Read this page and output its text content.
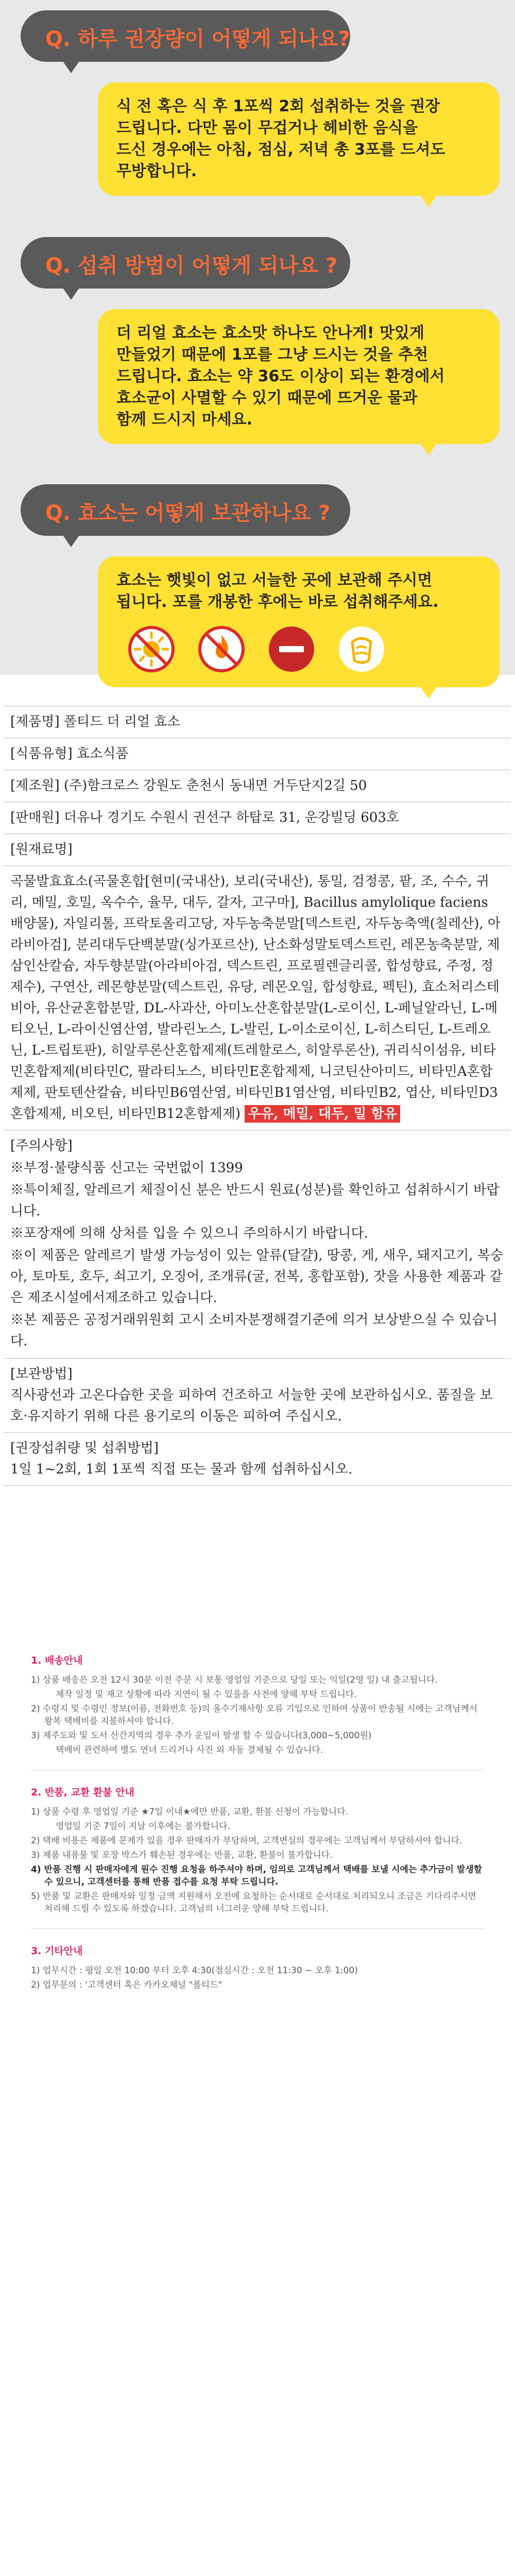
Q. 하루 권장량이 어떻게 되나요?

식 전 혹은 식 후 1포씩 2회 섭취하는 것을 권장

드립니다. 다만 몸이 무겁거나 헤비한 음식을

드신 경우에는 아침, 점심, 저녁 총 3포를 드셔도

무방합니다.

Q. 섭취 방법이 어떻게 되나요 ?

더 리얼 효소는 효소맛 하나도 안나게! 맛있게

만들었기 때문에 1포를 그냥 드시는 것을 추천

드립니다. 효소는 약 36도 이상이 되는 환경에서

효소균이 사멸할 수 있기 때문에 뜨거운 물과

함께 드시지 마세요.

Q. 효소는 어떻게 보관하나요 ?

효소는 햇빛이 없고 서늘한 곳에 보관해 주시면

됩니다. 포를 개봉한 후에는 바로 섭취해주세요.

[제품명] 폴티드 더 리얼 효소
[식품유형] 효소식품
[제조원] (주)함크로스 강원도 춘천시 동내면 거두단지2길 50
[판매원] 더유나 경기도 수원시 권선구 하탑로 31, 운강빌딩 603호
[원재료명]
곡물발효효소(곡물혼합[현미(국내산), 보리(국내산), 통밀, 검정콩, 팥, 조, 수수, 귀리, 메밀, 호밀, 옥수수, 율무, 대두, 갈자, 고구마], Bacillus amylolique faciens 배양물), 자일리톨, 프락토올리고당, 자두농축분말[덱스트린, 자두농축액(칠레산), 아라비아검], 분리대두단백분말(싱가포르산), 난소화성말토덱스트린, 레몬농축분말, 제삼인산칼슘, 자두향분말(아라비아검, 덱스트린, 프로필렌글리콜, 합성향료, 주정, 정제수), 구연산, 레몬향분말(덱스트린, 유당, 레몬오일, 합성향료, 펙틴), 효소처리스테비아, 유산균혼합분말, DL-사과산, 아미노산혼합분말(L-로이신, L-페닐알라닌, L-메티오닌, L-라이신염산염, 발라린노스, L-발린, L-이소로이신, L-히스티딘, L-트레오닌, L-트립토판), 히알루론산혼합제제(트레할로스, 히알루론산), 귀리식이섬유, 비타민혼합제제(비타민C, 팔라티노스, 비타민E혼합제제, 니코틴산아미드, 비타민A혼합제제, 판토텐산칼슘, 비타민B6염산염, 비타민B1염산염, 비타민B2, 엽산, 비타민D3혼합제제, 비오틴, 비타민B12혼합제제) 우유, 메밀, 대두, 밀 함유
[주의사항]
※부정·불량식품 신고는 국번없이 1399
※특이체질, 알레르기 체질이신 분은 반드시 원료(성분)를 확인하고 섭취하시기 바랍니다.
※포장재에 의해 상처를 입을 수 있으니 주의하시기 바랍니다.
※이 제품은 알레르기 발생 가능성이 있는 알류(달걀), 땅콩, 게, 새우, 돼지고기, 복숭아, 토마토, 호두, 쇠고기, 오징어, 조개류(굴, 전복, 홍합포함), 잣을 사용한 제품과 같은 제조시설에서제조하고 있습니다.
※본 제품은 공정거래위원회 고시 소비자분쟁해결기준에 의거 보상받으실 수 있습니다.
[보관방법]
직사광선과 고온다습한 곳을 피하여 건조하고 서늘한 곳에 보관하십시오. 품질을 보호·유지하기 위해 다른 용기로의 이동은 피하여 주십시오.
[권장섭취량 및 섭취방법]
1일 1~2회, 1회 1포씩 직접 또는 물과 함께 섭취하십시오.
1. 배송안내
1) 상품 배송은 오전 12시 30분 이전 주문 시 보통 영업일 기준으로 당일 또는 익일(2영 일) 내 출고됩니다.
제작 일정 및 재고 상황에 따라 지연이 될 수 있을을 사전에 양해 부탁 드립니다.
2) 수령지 및 수령인 정보(이름, 전화번호 등)의 올수기재사항 오류 기입으로 인하여 상품이 반송될 시에는 고객님께서 왕복 택배비를 지불하셔야 합니다.
3) 제주도와 및 도서 산간지역의 경우 추가 운임이 발생 할 수 있습니다(3,000~5,000원)
택배비 관련하여 별도 연녀 드리거나 사진 외 자동 결제될 수 있습니다.
2. 반품, 교환 환불 안내
1) 상품 수령 후 영업일 기준 ★7일 이내★에만 반품, 교환, 환불 신청이 가능합니다.
영업일 기준 7일이 지날 이후에는 불가합니다.
2) 택배 비용은 제품에 문제가 있을 경우 판매자가 부담하며, 고객변심의 경우에는 고객님께서 부담하셔야 합니다.
3) 제품 내용물 및 포장 박스가 훼손된 경우에는 반품, 교환, 환불이 불가합니다.
4) 반품 진행 시 판매자에게 원수 진행 요청을 하주셔야 하며, 임의로 고객님께서 택배를 보낼 시에는 추가금이 발생할 수 있으니, 고객센터를 통해 반품 접수를 요청 부탁 드립니다.
5) 반품 및 교환은 판매자와 일정 금액 지원해서 오전에 요청하는 순서대로 순서대로 처리되오니 조금은 기다리주시면 처리해 드릴 수 있도록 하겠습니다. 고객님의 너그러운 양해 부탁 드립니다.
3. 기타안내
1) 업무시간 : 평일 오전 10:00 부터 오후 4:30(점심시간 : 오전 11:30 ~ 오후 1:00)
2) 업무문의 : '고객센터 혹은 카카오채널 "폴티드"
